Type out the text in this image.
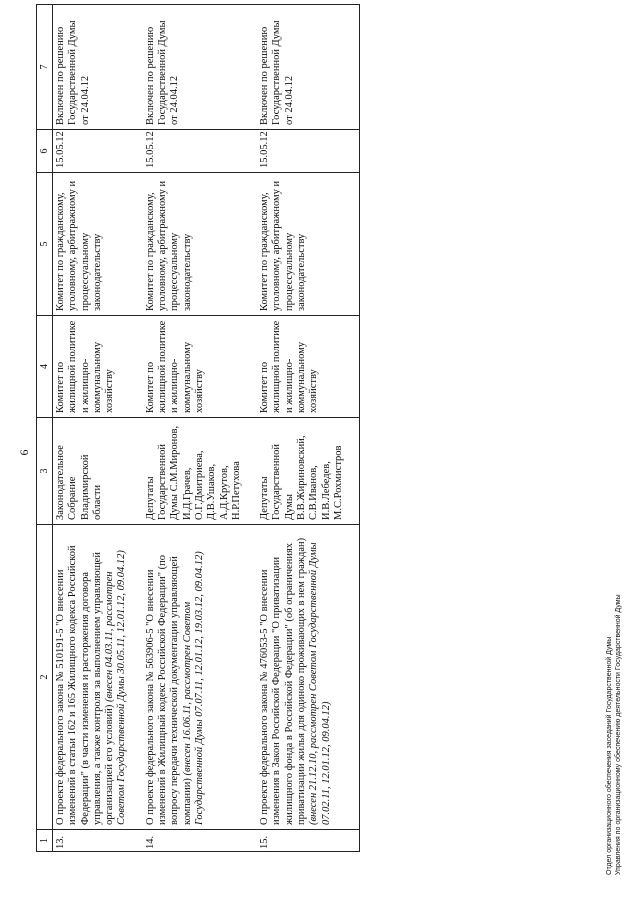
6
1	2	3	4	5	6	7
13.	О проекте федерального закона № 510191-5 "О внесении изменений в статьи 162 и 165 Жилищного кодекса Российской Федерации" (в части изменения и расторжения договора управления, а также контроля за выполнением управляющей организацией его условий) (внесен 04.03.11, рассмотрен Советом Государственной Думы 30.05.11, 12.01.12, 09.04.12)	Законодательное Собрание Владимирской области	Комитет по жилищной политике и жилищно-коммунальному хозяйству	Комитет по гражданскому, уголовному, арбитражному и процессуальному законодательству	15.05.12	Включен по решению Государственной Думы от 24.04.12
14.	О проекте федерального закона № 563906-5 "О внесении изменений в Жилищный кодекс Российской Федерации" (по вопросу передачи технической документации управляющей компании) (внесен 16.06.11, рассмотрен Советом Государственной Думы 07.07.11, 12.01.12, 19.03.12, 09.04.12)	Депутаты Государственной Думы С.М.Миронов, И.Д.Грачев, О.Г.Дмитриева, Д.В.Ушаков, А.Д.Крутов, Н.Р.Петухова	Комитет по жилищной политике и жилищно-коммунальному хозяйству	Комитет по гражданскому, уголовному, арбитражному и процессуальному законодательству	15.05.12	Включен по решению Государственной Думы от 24.04.12
15.	О проекте федерального закона № 476053-5 "О внесении изменения в Закон Российской Федерации "О приватизации жилищного фонда в Российской Федерации" (об ограничениях приватизации жилья для одиноко проживающих в нем граждан) (внесен 21.12.10, рассмотрен Советом Государственной Думы 07.02.11, 12.01.12, 09.04.12)	Депутаты Государственной Думы В.В.Жириновский, С.В.Иванов, И.В.Лебедев, М.С.Рохмистров	Комитет по жилищной политике и жилищно-коммунальному хозяйству	Комитет по гражданскому, уголовному, арбитражному и процессуальному законодательству	15.05.12	Включен по решению Государственной Думы от 24.04.12
Отдел организационного обеспечения заседаний Государственной Думы Управления по организационному обеспечению деятельности Государственной Думы
